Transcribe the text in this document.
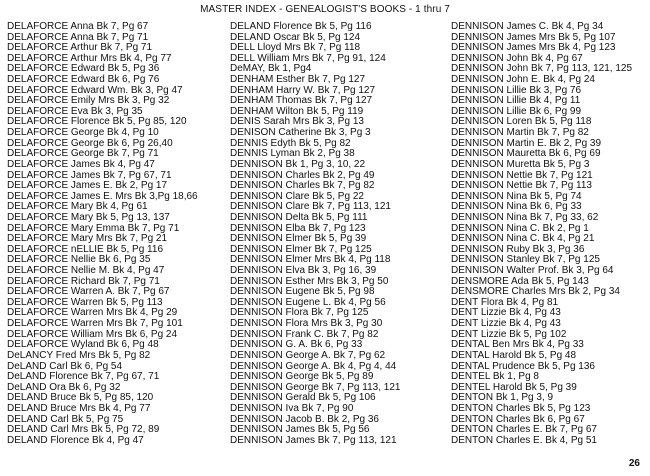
MASTER INDEX - GENEALOGIST'S BOOKS - 1 thru 7
DELAFORCE Anna Bk 7, Pg 67
DELAFORCE Anna Bk 7, Pg 71
DELAFORCE Arthur Bk 7, Pg 71
DELAFORCE Arthur Mrs Bk 4, Pg 77
DELAFORCE Edward Bk 5, Pg 36
DELAFORCE Edward Bk 6, Pg 76
DELAFORCE Edward Wm. Bk 3, Pg 47
DELAFORCE Emily Mrs Bk 3, Pg 32
DELAFORCE Eva Bk 3, Pg 35
DELAFORCE Florence Bk 5, Pg 85, 120
DELAFORCE George Bk 4, Pg 10
DELAFORCE George Bk 6, Pg 26,40
DELAFORCE George Bk 7, Pg 71
DELAFORCE James Bk 4, Pg 47
DELAFORCE James Bk 7, Pg 67, 71
DELAFORCE James E. Bk 2, Pg 17
DELAFORCE James E. Mrs Bk 3,Pg 18,66
DELAFORCE Mary Bk 4, Pg 61
DELAFORCE Mary Bk 5, Pg 13, 137
DELAFORCE Mary Emma Bk 7, Pg 71
DELAFORCE Mary Mrs Bk 7, Pg 21
DELAFORCE nELLIE Bk 5, Pg 116
DELAFORCE Nellie Bk 6, Pg 35
DELAFORCE Nellie M. Bk 4, Pg 47
DELAFORCE Richard Bk 7, Pg 71
DELAFORCE Warren A. Bk 7, Pg 67
DELAFORCE Warren Bk 5, Pg 113
DELAFORCE Warren Mrs Bk 4, Pg 29
DELAFORCE Warren Mrs Bk 7, Pg 101
DELAFORCE William Mrs Bk 6, Pg 24
DELAFORCE Wyland Bk 6, Pg 48
DeLANCY Fred Mrs Bk 5, Pg 82
DeLAND Carl Bk 6, Pg 54
DeLAND Florence Bk 7, Pg 67, 71
DeLAND Ora Bk 6, Pg 32
DELAND Bruce Bk 5, Pg 85, 120
DELAND Bruce Mrs Bk 4, Pg 77
DELAND Carl Bk 5, Pg 75
DELAND Carl Mrs Bk 5, Pg 72, 89
DELAND Florence Bk 4, Pg 47
DELAND Florence Bk 5, Pg 116
DELAND Oscar Bk 5, Pg 124
DELL Lloyd Mrs Bk 7, Pg 118
DELL William Mrs Bk 7, Pg 91, 124
DeMAY, Bk 1, Pg4
DENHAM Esther Bk 7, Pg 127
DENHAM Harry W. Bk 7, Pg 127
DENHAM Thomas Bk 7, Pg 127
DENHAM Wilton Bk 5, Pg 119
DENIS Sarah Mrs Bk 3, Pg 13
DENISON Catherine Bk 3, Pg 3
DENNIS Edyth Bk 5, Pg 82
DENNIS Lyman Bk 2, Pg 38
DENNISON Bk 1, Pg 3, 10, 22
DENNISON Charles Bk 2, Pg 49
DENNISON Charles Bk 7, Pg 82
DENNISON Clare Bk 5, Pg 22
DENNISON Clare Bk 7, Pg 113, 121
DENNISON Delta Bk 5, Pg 111
DENNISON Elba Bk 7, Pg 123
DENNISON Elmer Bk 5, Pg 39
DENNISON Elmer Bk 7, Pg 125
DENNISON Elmer Mrs Bk 4, Pg 118
DENNISON Elva Bk 3, Pg 16, 39
DENNISON Esther Mrs Bk 3, Pg 50
DENNISON Eugene Bk 5, Pg 98
DENNISON Eugene L. Bk 4, Pg 56
DENNISON Flora Bk 7, Pg 125
DENNISON Flora Mrs Bk 3, Pg 30
DENNISON Frank C. Bk 7, Pg 82
DENNISON G. A. Bk 6, Pg 33
DENNISON George A. Bk 7, Pg 62
DENNISON George A. Bk 4, Pg 4, 44
DENNISON George Bk 5, Pg 89
DENNISON George Bk 7, Pg 113, 121
DENNISON Gerald Bk 5, Pg 106
DENNISON Iva Bk 7, Pg 90
DENNISON Jacob B. Bk 2, Pg 36
DENNISON James Bk 5, Pg 56
DENNISON James Bk 7, Pg 113, 121
DENNISON James C. Bk 4, Pg 34
DENNISON James Mrs Bk 5, Pg 107
DENNISON James Mrs Bk 4, Pg 123
DENNISON John Bk 4, Pg 67
DENNISON John Bk 7, Pg 113, 121, 125
DENNISON John E. Bk 4, Pg 24
DENNISON Lillie Bk 3, Pg 76
DENNISON Lillie Bk 4, Pg 11
DENNISON Lillie Bk 6, Pg 99
DENNISON Loren Bk 5, Pg 118
DENNISON Martin Bk 7, Pg 82
DENNISON Martin E. Bk 2, Pg 39
DENNISON Mauretta Bk 6, Pg 69
DENNISON Muretta Bk 5, Pg 3
DENNISON Nettie Bk 7, Pg 121
DENNISON Nettie Bk 7, Pg 113
DENNISON Nina Bk 5, Pg 74
DENNISON Nina Bk 6, Pg 33
DENNISON Nina Bk 7, Pg 33, 62
DENNISON Nina C. Bk 2, Pg 1
DENNISON Nina C. Bk 4, Pg 21
DENNISON Ruby Bk 3, Pg 36
DENNISON Stanley Bk 7, Pg 125
DENNISON Walter Prof. Bk 3, Pg 64
DENSMORE Ada Bk 5, Pg 143
DENSMORE Charles Mrs Bk 2, Pg 34
DENT Flora Bk 4, Pg 81
DENT Lizzie Bk 4, Pg 43
DENT Lizzie Bk 4, Pg 43
DENT Lizzie Bk 5, Pg 102
DENTAL Ben Mrs Bk 4, Pg 33
DENTAL Harold Bk 5, Pg 48
DENTAL Prudence Bk 5, Pg 136
DENTEL Bk 1, Pg 8
DENTEL Harold Bk 5, Pg 39
DENTON Bk 1, Pg 3, 9
DENTON Charles Bk 5, Pg 123
DENTON Charles Bk 6, Pg 67
DENTON Charles E. Bk 7, Pg 67
DENTON Charles E. Bk 4, Pg 51
26
